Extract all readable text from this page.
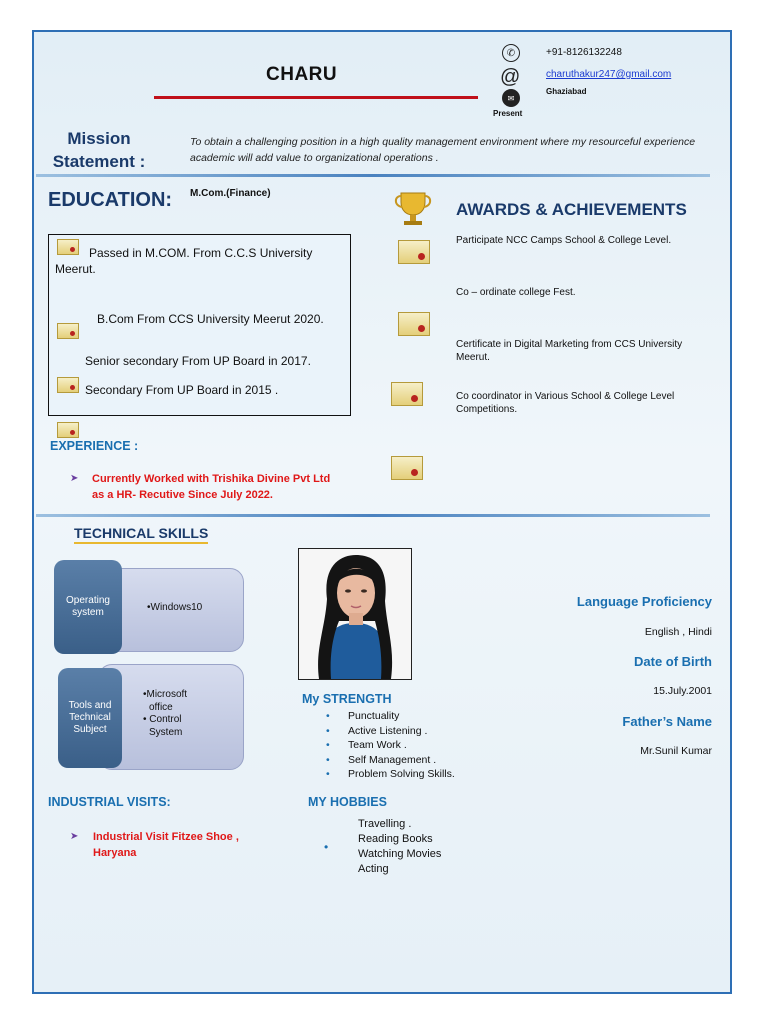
CHARU
✆	+91-8126132248
@	charuthakur247@gmail.com
✉
Ghaziabad
Present
Mission
Statement :
To obtain a challenging position in a high quality management environment where my resourceful experience academic will add value to organizational operations .
EDUCATION: M.Com.(Finance)
Passed in M.COM. From C.C.S University Meerut.
B.Com From CCS University Meerut 2020.
Senior secondary From UP Board in 2017.
Secondary From UP Board in 2015 .
AWARDS & ACHIEVEMENTS
Participate NCC Camps School & College Level.
Co – ordinate college Fest.
Certificate in Digital Marketing from CCS University Meerut.
Co coordinator in Various School & College Level Competitions.
EXPERIENCE :
➤ Currently Worked with Trishika Divine Pvt Ltd
as a HR- Recutive Since July 2022.
TECHNICAL SKILLS
•Windows10
Operating system
•Microsoft
office
• Control
System
Tools and Technical Subject
My STRENGTH
• Punctuality
• Active Listening .
• Team Work .
• Self Management .
• Problem Solving Skills.
Language Proficiency
English , Hindi
Date of Birth
15.July.2001
Father’s Name
Mr.Sunil Kumar
INDUSTRIAL VISITS:
➤ Industrial Visit Fitzee Shoe ,
Haryana
MY HOBBIES
•
Travelling .
Reading Books
Watching Movies
Acting
